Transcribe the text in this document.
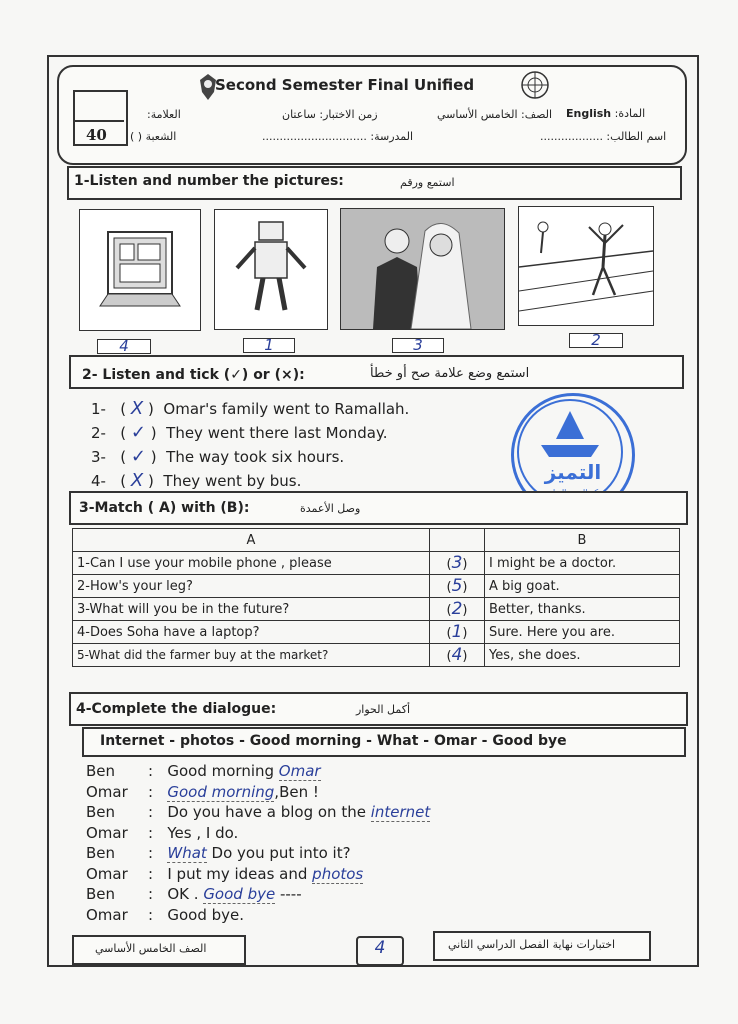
Second Semester Final Unified
40
المادة: English
الصف: الخامس الأساسي
زمن الاختبار: ساعتان
العلامة:
اسم الطالب: ..................
المدرسة: ..............................
الشعبة ( )
1-Listen and number the pictures:	استمع ورقم
4	1	3	2
2- Listen and tick (✓) or (×):	استمع وضع علامة صح أو خطأ
1-   ( X )  Omar's family went to Ramallah.
2-   ( ✓ )  They went there last Monday.
3-   ( ✓ )  The way took six hours.
4-   ( X )  They went by bus.	التميز
3-Match ( A) with (B):	وصل الأعمدة
A		B
1-Can I use your mobile phone , please	(3)	I might be a doctor.
2-How's your leg?	(5)	A big goat.
3-What will you be in the future?	(2)	Better, thanks.
4-Does Soha have a laptop?	(1)	Sure. Here you are.
5-What did the farmer buy at the market?	(4)	Yes, she does.
4-Complete the dialogue:	أكمل الحوار
Internet - photos - Good morning - What - Omar - Good bye
Ben :   Good morning Omar
Omar :   Good morning,Ben !
Ben :   Do you have a blog on the internet
Omar :   Yes , I do.
Ben :   What Do you put into it?
Omar :   I put my ideas and photos
Ben :   OK . Good bye ----
Omar :   Good bye.
الصف الخامس الأساسي	4	اختبارات نهاية الفصل الدراسي الثاني
